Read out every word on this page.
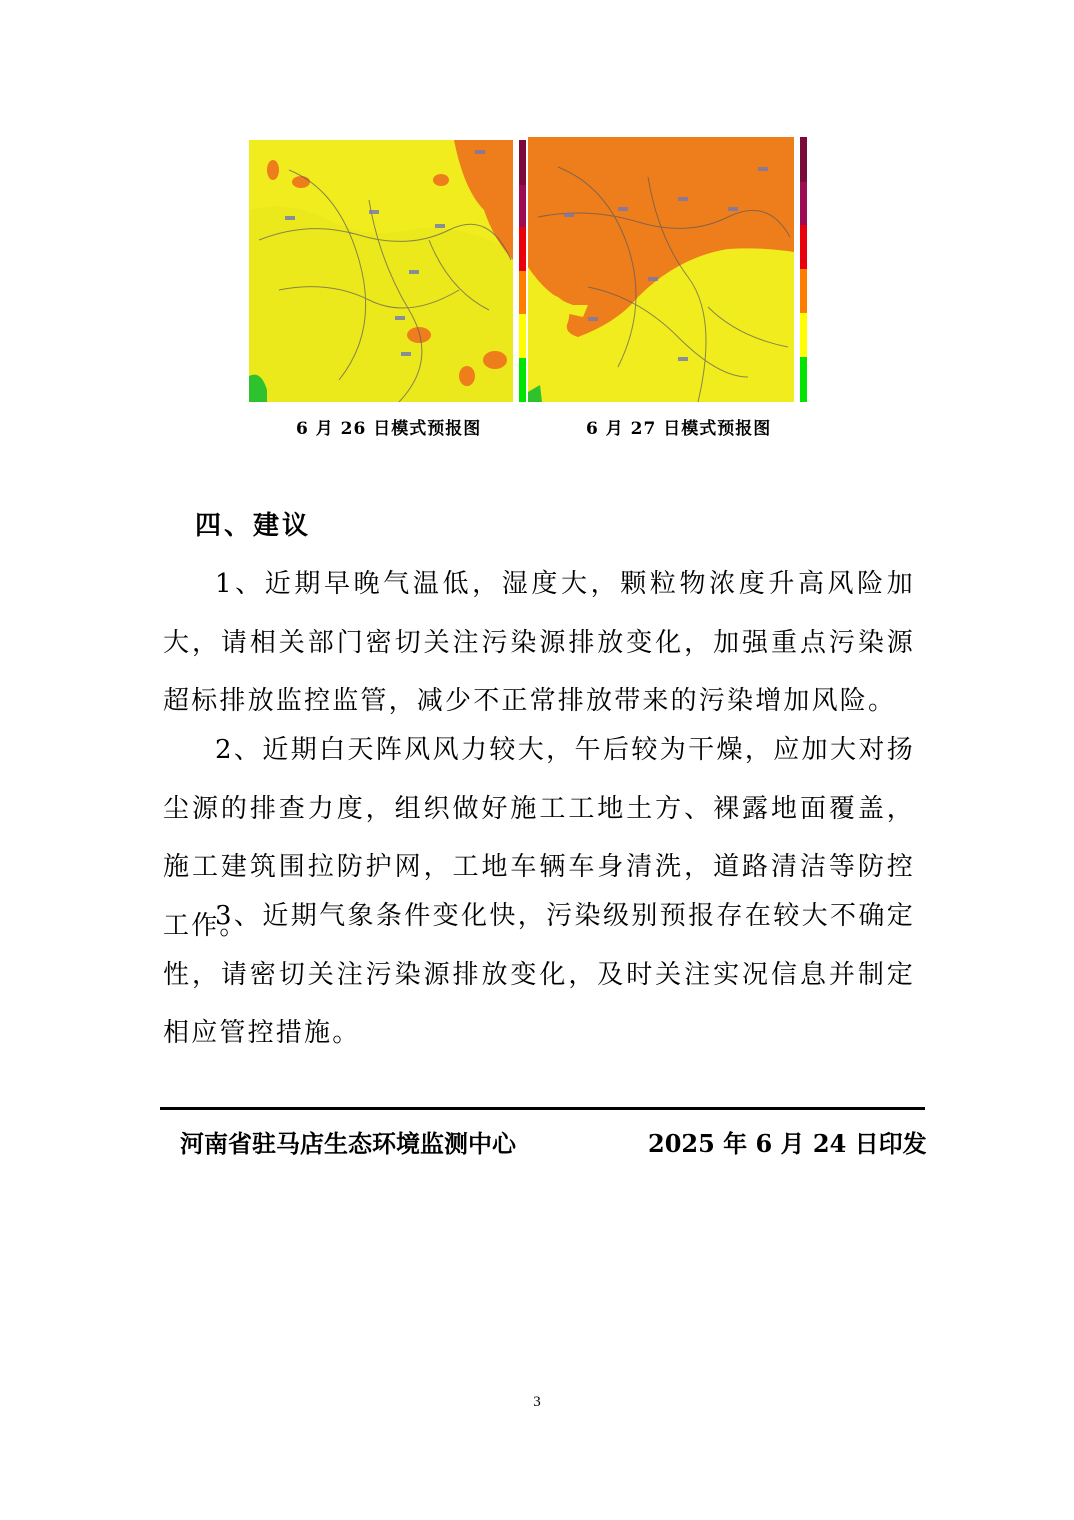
6 月 26 日模式预报图	6 月 27 日模式预报图
四、建议
1、近期早晚气温低，湿度大，颗粒物浓度升高风险加大，请相关部门密切关注污染源排放变化，加强重点污染源超标排放监控监管，减少不正常排放带来的污染增加风险。
2、近期白天阵风风力较大，午后较为干燥，应加大对扬尘源的排查力度，组织做好施工工地土方、裸露地面覆盖，施工建筑围拉防护网，工地车辆车身清洗，道路清洁等防控工作。
3、近期气象条件变化快，污染级别预报存在较大不确定性，请密切关注污染源排放变化，及时关注实况信息并制定相应管控措施。
河南省驻马店生态环境监测中心	2025 年 6 月 24 日印发
3
